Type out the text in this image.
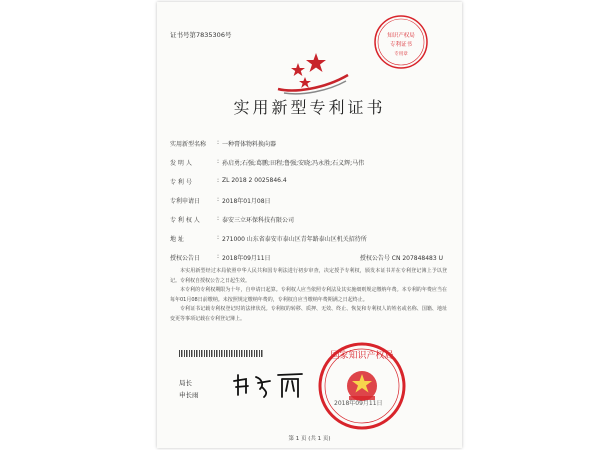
知识产权局
专利证书
专用章
证书号第7835306号
实用新型专利证书
实用新型名称 : 一种膏体物料换向器
发 明 人	: 孙启勇;石强;葛鹏;田程;鲁强;安晓;冯永胜;石义辉;马伟
专 利 号	: ZL 2018 2 0025846.4
专利申请日	: 2018年01月08日
专 利 权 人	: 泰安三立环保科技有限公司
地 址	: 271000 山东省泰安市泰山区青年路泰山区机关招待所
授权公告日	: 2018年09月11日	授权公告号 CN 207848483 U

本实用新型经过本局依照中华人民共和国专利法进行初步审查，决定授予专利权，颁发本证书并在专利登记簿上予以登记。专利权自授权公告之日起生效。

本专利的专利权期限为十年，自申请日起算。专利权人应当依照专利法及其实施细则规定缴纳年费。本专利的年费应当在每年01月08日前缴纳。未按照规定缴纳年费的，专利权自应当缴纳年费期满之日起终止。

专利证书记载专利权登记时的法律状况。专利权的转移、质押、无效、终止、恢复和专利权人的姓名或名称、国籍、地址变更等事项记载在专利登记簿上。

局长
申长雨
国家知识产权局
2018年09月11日
第 1 页 (共 1 页)
